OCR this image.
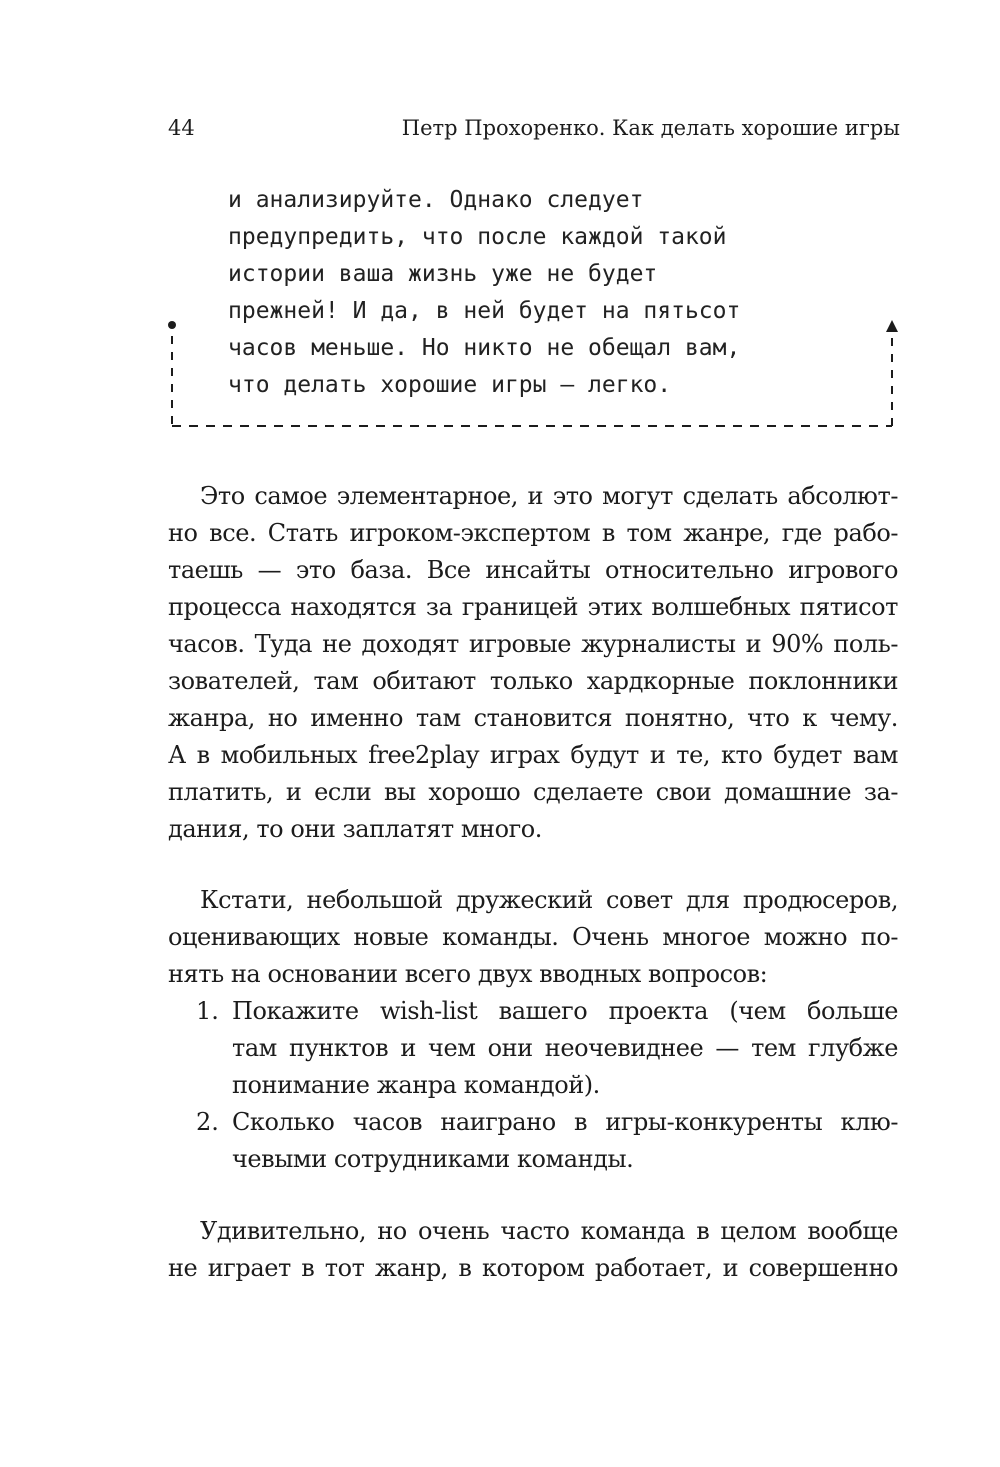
44	Петр Прохоренко. Как делать хорошие игры
и анализируйте. Однако следует
предупредить, что после каждой такой
истории ваша жизнь уже не будет
прежней! И да, в ней будет на пятьсот
часов меньше. Но никто не обещал вам,
что делать хорошие игры — легко.
Это самое элементарное, и это могут сделать абсолют-
но все. Стать игроком-экспертом в том жанре, где рабо-
таешь — это база. Все инсайты относительно игрового
процесса находятся за границей этих волшебных пятисот
часов. Туда не доходят игровые журналисты и 90% поль-
зователей, там обитают только хардкорные поклонники
жанра, но именно там становится понятно, что к чему.
А в мобильных free2play играх будут и те, кто будет вам
платить, и если вы хорошо сделаете свои домашние за-
дания, то они заплатят много.
Кстати, небольшой дружеский совет для продюсеров,
оценивающих новые команды. Очень многое можно по-
нять на основании всего двух вводных вопросов:
1. Покажите wish-list вашего проекта (чем больше
там пунктов и чем они неочевиднее — тем глубже
понимание жанра командой).
2. Сколько часов наиграно в игры-конкуренты клю-
чевыми сотрудниками команды.
Удивительно, но очень часто команда в целом вообще
не играет в тот жанр, в котором работает, и совершенно
